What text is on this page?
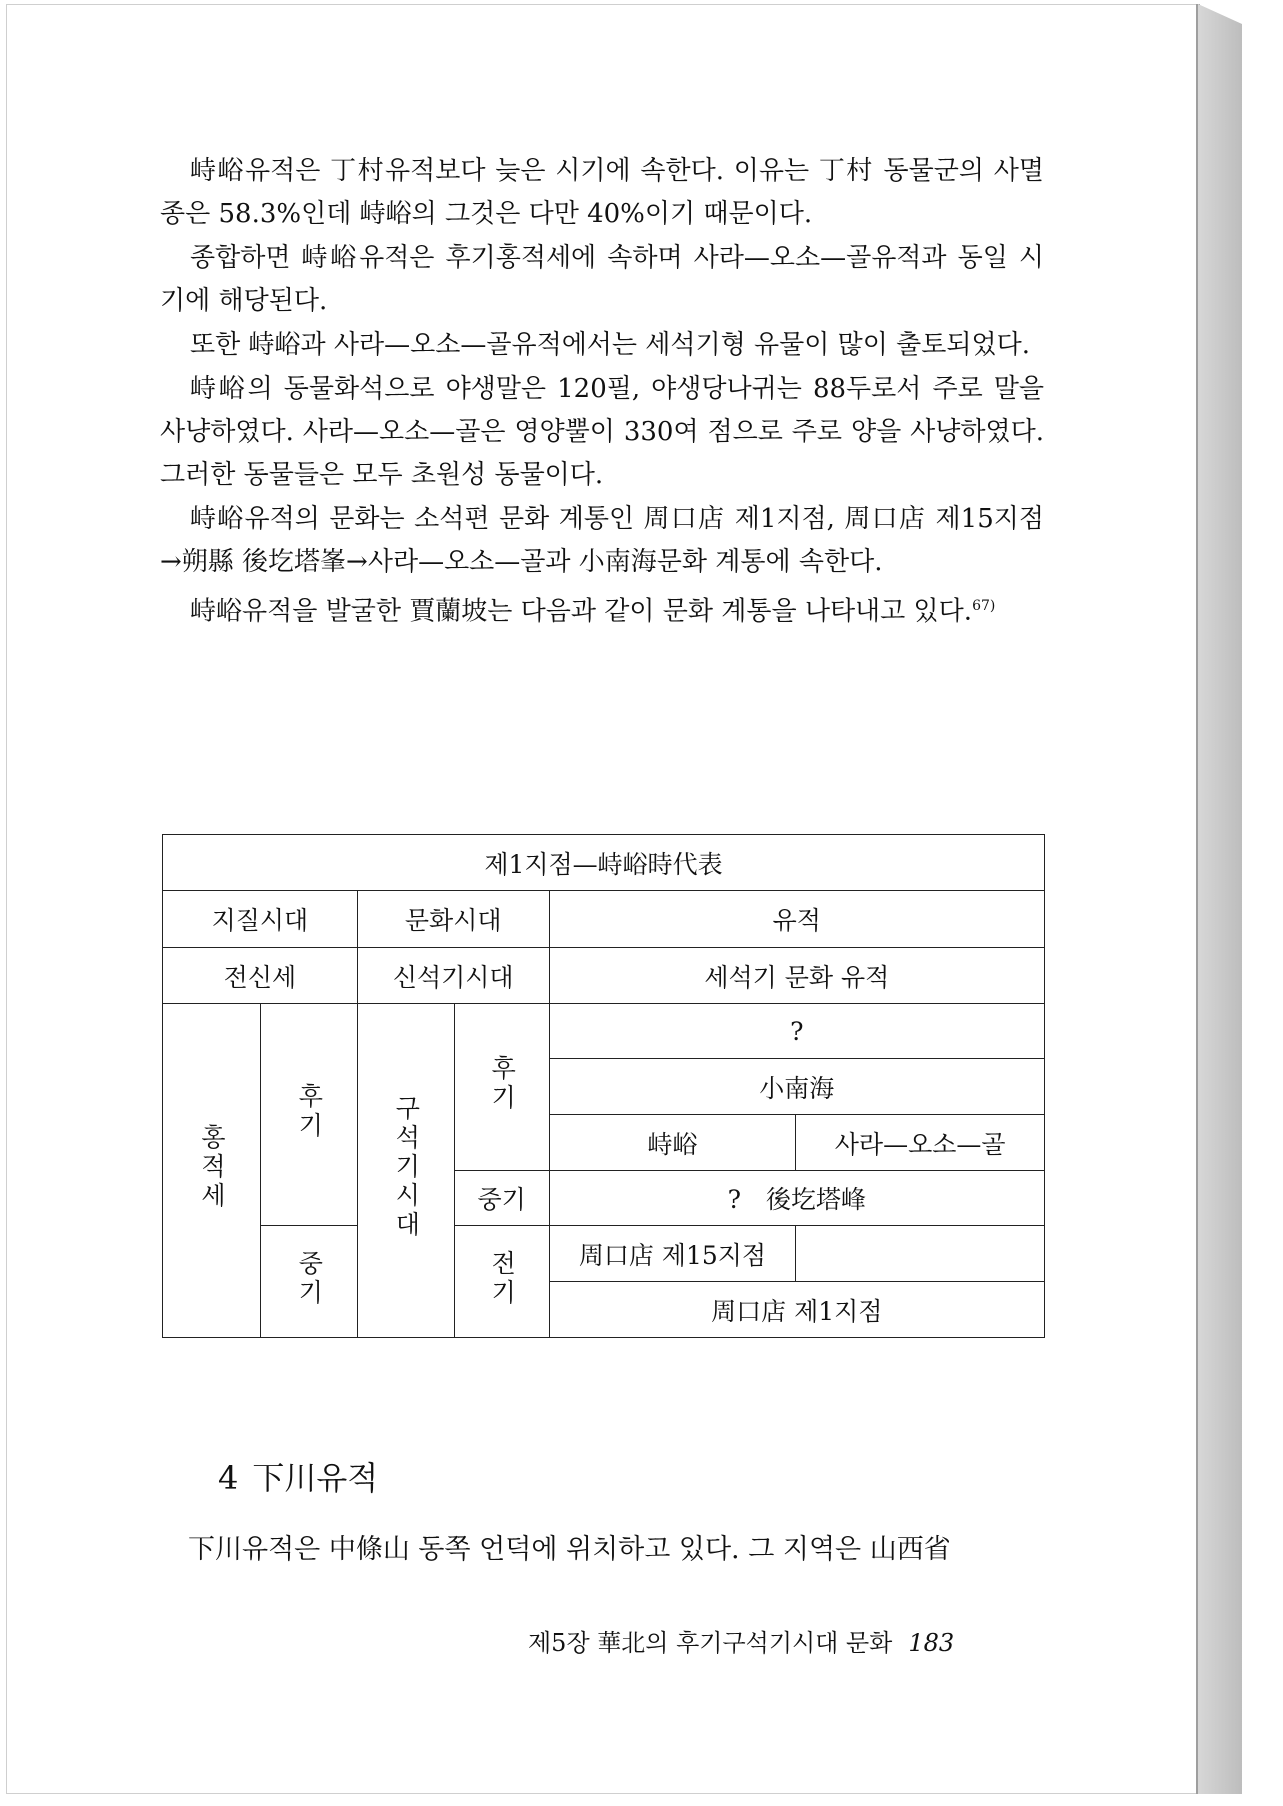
峙峪유적은 丁村유적보다 늦은 시기에 속한다. 이유는 丁村 동물군의 사멸종은 58.3%인데 峙峪의 그것은 다만 40%이기 때문이다.

종합하면 峙峪유적은 후기홍적세에 속하며 사라—오소—골유적과 동일 시기에 해당된다.

또한 峙峪과 사라—오소—골유적에서는 세석기형 유물이 많이 출토되었다.

峙峪의 동물화석으로 야생말은 120필, 야생당나귀는 88두로서 주로 말을 사냥하였다. 사라—오소—골은 영양뿔이 330여 점으로 주로 양을 사냥하였다. 그러한 동물들은 모두 초원성 동물이다.

峙峪유적의 문화는 소석편 문화 계통인 周口店 제1지점, 周口店 제15지점→朔縣 後圪塔峯→사라—오소—골과 小南海문화 계통에 속한다.

峙峪유적을 발굴한 賈蘭坡는 다음과 같이 문화 계통을 나타내고 있다.$^{67)}$

제1지점—峙峪時代表					
지질시대		문화시대		유적	
전신세		신석기시대		세석기 문화 유적	
홍적세	후기	구석기시대	후기	?	
				小南海	
				峙峪	사라—오소—골
			중기	?　後圪塔峰	
	중기		전기	周口店 제15지점	

				周口店 제1지점	
4 下川유적
下川유적은 中條山 동쪽 언덕에 위치하고 있다. 그 지역은 山西省
제5장 華北의 후기구석기시대 문화 183
